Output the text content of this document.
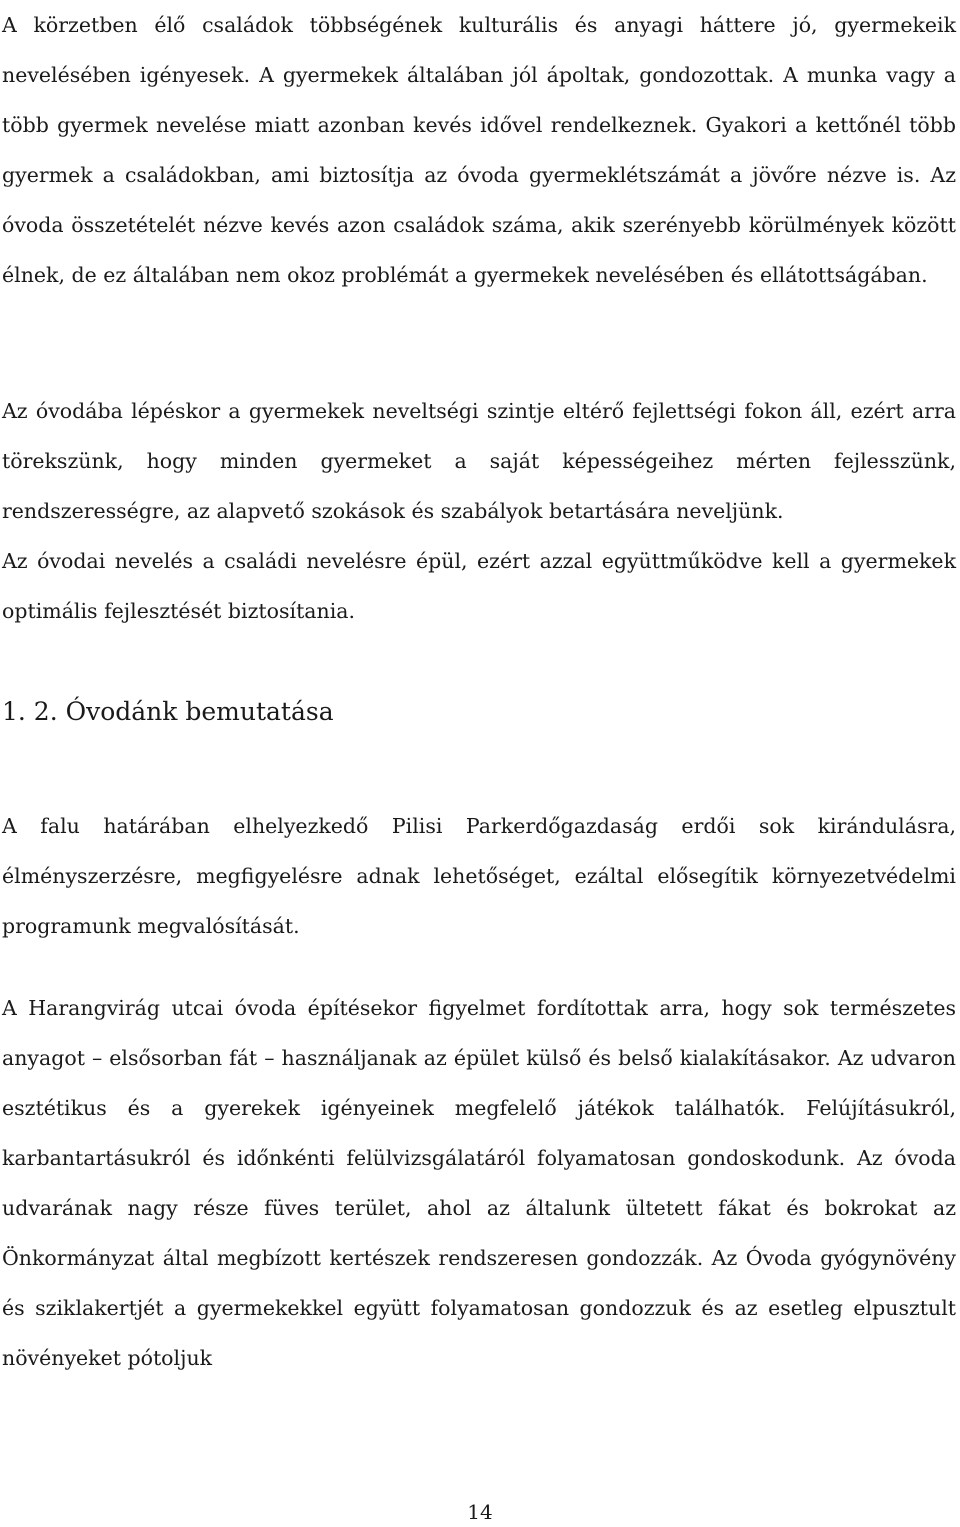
A körzetben élő családok többségének kulturális és anyagi háttere jó, gyermekeik nevelésében igényesek. A gyermekek általában jól ápoltak, gondozottak. A munka vagy a több gyermek nevelése miatt azonban kevés idővel rendelkeznek. Gyakori a kettőnél több gyermek a családokban, ami biztosítja az óvoda gyermeklétszámát a jövőre nézve is. Az óvoda összetételét nézve kevés azon családok száma, akik szerényebb körülmények között élnek, de ez általában nem okoz problémát a gyermekek nevelésében és ellátottságában.

Az óvodába lépéskor a gyermekek neveltségi szintje eltérő fejlettségi fokon áll, ezért arra törekszünk, hogy minden gyermeket a saját képességeihez mérten fejlesszünk, rendszerességre, az alapvető szokások és szabályok betartására neveljünk.

Az óvodai nevelés a családi nevelésre épül, ezért azzal együttműködve kell a gyermekek optimális fejlesztését biztosítania.

1. 2. Óvodánk bemutatása

A falu határában elhelyezkedő Pilisi Parkerdőgazdaság erdői sok kirándulásra, élményszerzésre, megfigyelésre adnak lehetőséget, ezáltal elősegítik környezetvédelmi programunk megvalósítását.

A Harangvirág utcai óvoda építésekor figyelmet fordítottak arra, hogy sok természetes anyagot – elsősorban fát – használjanak az épület külső és belső kialakításakor. Az udvaron esztétikus és a gyerekek igényeinek megfelelő játékok találhatók. Felújításukról, karbantartásukról és időnkénti felülvizsgálatáról folyamatosan gondoskodunk. Az óvoda udvarának nagy része füves terület, ahol az általunk ültetett fákat és bokrokat az Önkormányzat által megbízott kertészek rendszeresen gondozzák. Az Óvoda gyógynövény és sziklakertjét a gyermekekkel együtt folyamatosan gondozzuk és az esetleg elpusztult növényeket pótoljuk

14
